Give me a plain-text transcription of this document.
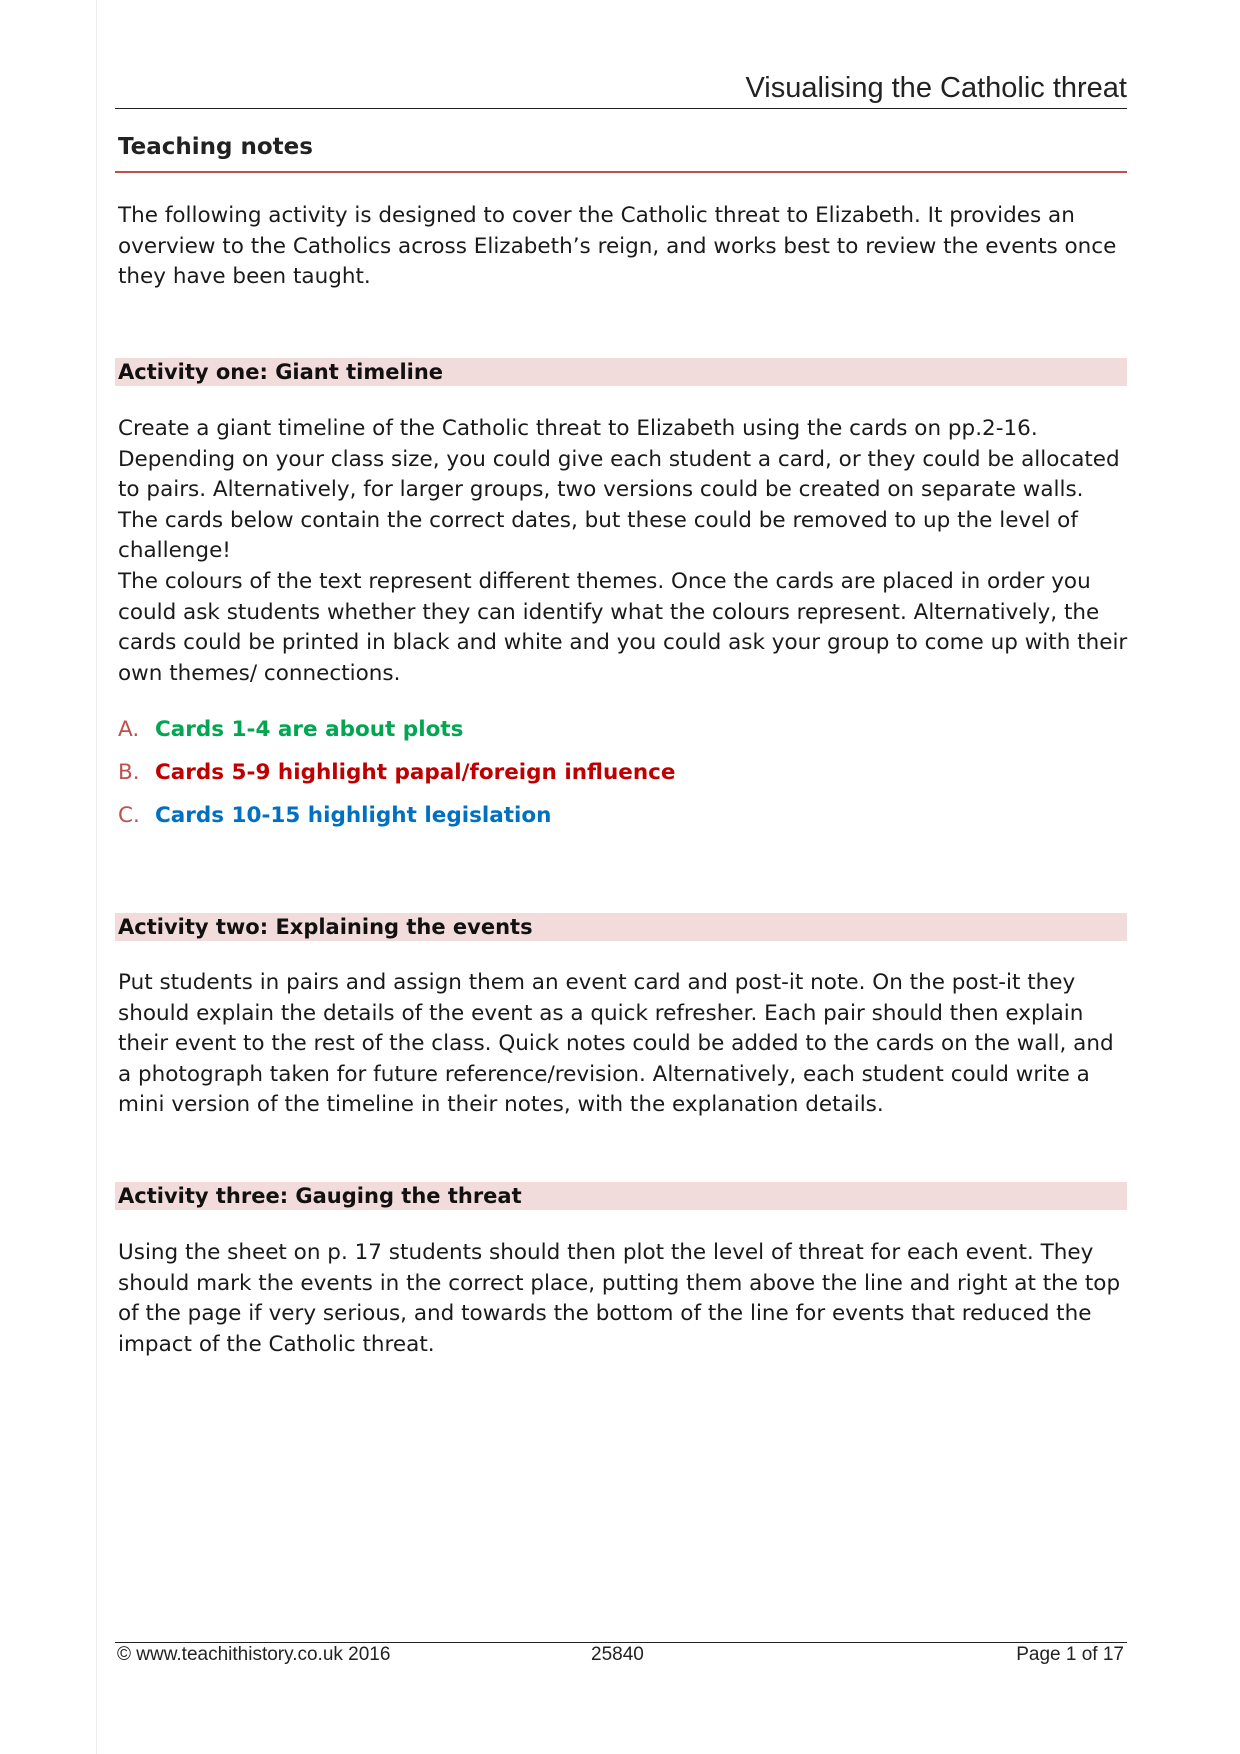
Visualising the Catholic threat
Teaching notes

The following activity is designed to cover the Catholic threat to Elizabeth. It provides an overview to the Catholics across Elizabeth’s reign, and works best to review the events once they have been taught.

Activity one: Giant timeline

Create a giant timeline of the Catholic threat to Elizabeth using the cards on pp.2-16. Depending on your class size, you could give each student a card, or they could be allocated to pairs. Alternatively, for larger groups, two versions could be created on separate walls. The cards below contain the correct dates, but these could be removed to up the level of challenge!

The colours of the text represent different themes. Once the cards are placed in order you could ask students whether they can identify what the colours represent. Alternatively, the cards could be printed in black and white and you could ask your group to come up with their own themes/ connections.

A. Cards 1-4 are about plots
B. Cards 5-9 highlight papal/foreign influence
C. Cards 10-15 highlight legislation
Activity two: Explaining the events

Put students in pairs and assign them an event card and post-it note. On the post-it they should explain the details of the event as a quick refresher. Each pair should then explain their event to the rest of the class. Quick notes could be added to the cards on the wall, and a photograph taken for future reference/revision. Alternatively, each student could write a mini version of the timeline in their notes, with the explanation details.

Activity three: Gauging the threat

Using the sheet on p. 17 students should then plot the level of threat for each event. They should mark the events in the correct place, putting them above the line and right at the top of the page if very serious, and towards the bottom of the line for events that reduced the impact of the Catholic threat.

© www.teachithistory.co.uk 2016	25840	Page 1 of 17
